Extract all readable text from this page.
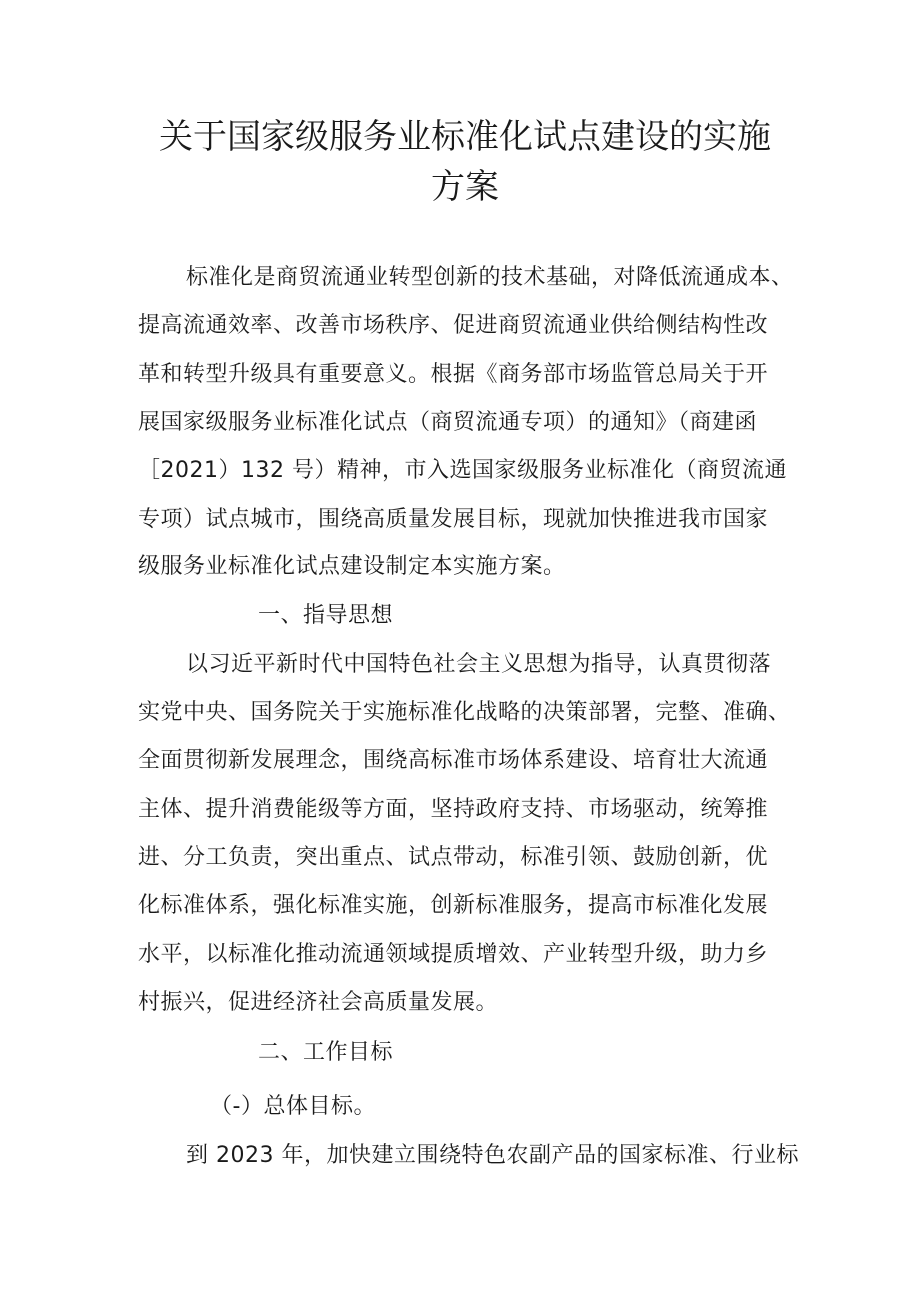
关于国家级服务业标准化试点建设的实施
方案
标准化是商贸流通业转型创新的技术基础，对降低流通成本、
提高流通效率、改善市场秩序、促进商贸流通业供给侧结构性改
革和转型升级具有重要意义。根据《商务部市场监管总局关于开
展国家级服务业标准化试点（商贸流通专项）的通知》（商建函
［2021）132 号）精神，市入选国家级服务业标准化（商贸流通
专项）试点城市，围绕高质量发展目标，现就加快推进我市国家
级服务业标准化试点建设制定本实施方案。
一、指导思想
以习近平新时代中国特色社会主义思想为指导，认真贯彻落
实党中央、国务院关于实施标准化战略的决策部署，完整、准确、
全面贯彻新发展理念，围绕高标准市场体系建设、培育壮大流通
主体、提升消费能级等方面，坚持政府支持、市场驱动，统筹推
进、分工负责，突出重点、试点带动，标准引领、鼓励创新，优
化标准体系，强化标准实施，创新标准服务，提高市标准化发展
水平，以标准化推动流通领域提质增效、产业转型升级，助力乡
村振兴，促进经济社会高质量发展。
二、工作目标
（-）总体目标。
到 2023 年，加快建立围绕特色农副产品的国家标准、行业标
